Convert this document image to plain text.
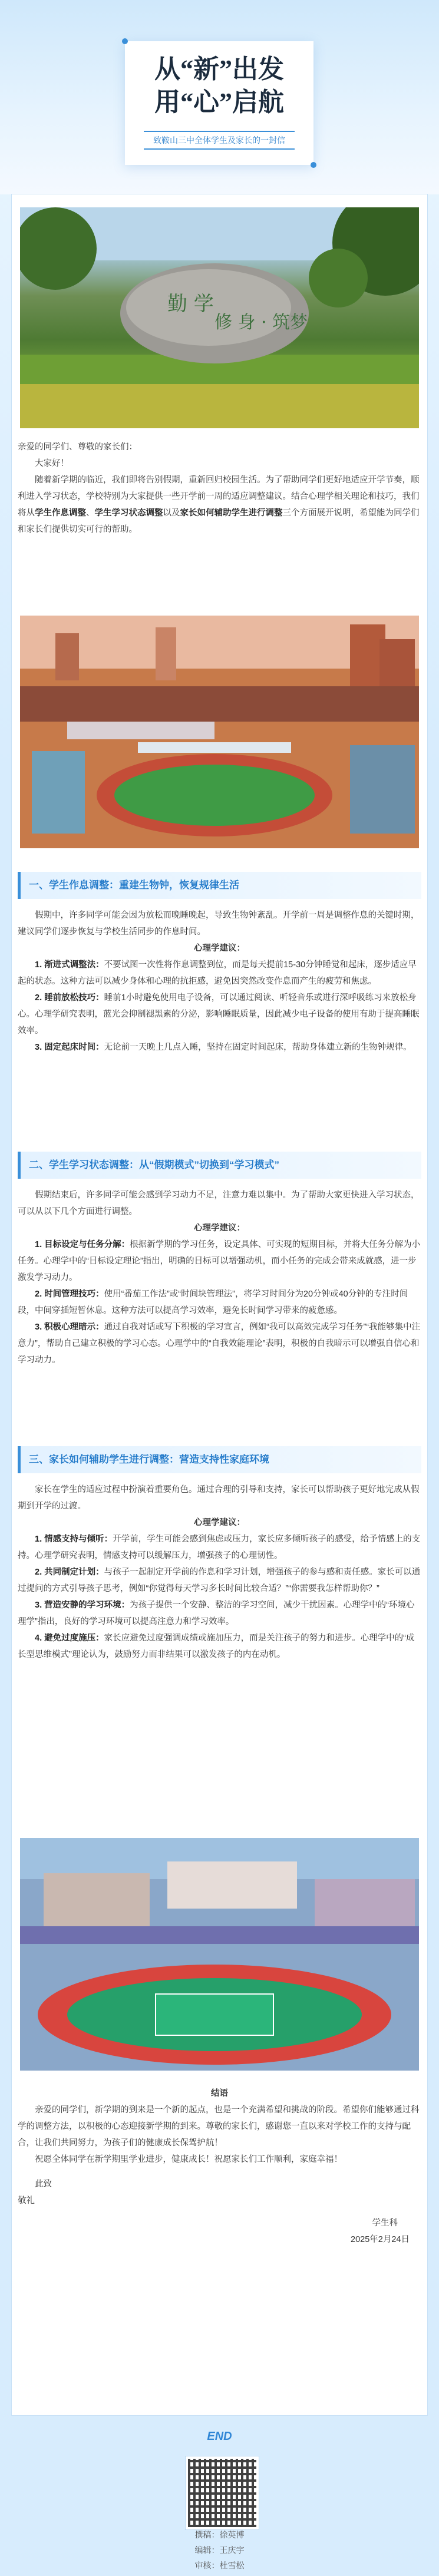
从“新”出发
用“心”启航
致鞍山三中全体学生及家长的一封信
勤 学
修 身 · 筑梦

亲爱的同学们、尊敬的家长们：

大家好！

随着新学期的临近，我们即将告别假期，重新回归校园生活。为了帮助同学们更好地适应开学节奏，顺利进入学习状态，学校特别为大家提供一些开学前一周的适应调整建议。结合心理学相关理论和技巧，我们将从学生作息调整、学生学习状态调整以及家长如何辅助学生进行调整三个方面展开说明，希望能为同学们和家长们提供切实可行的帮助。

一、学生作息调整：重建生物钟，恢复规律生活

假期中，许多同学可能会因为放松而晚睡晚起，导致生物钟紊乱。开学前一周是调整作息的关键时期，建议同学们逐步恢复与学校生活同步的作息时间。

心理学建议：

1. 渐进式调整法：不要试图一次性将作息调整到位，而是每天提前15-30分钟睡觉和起床，逐步适应早起的状态。这种方法可以减少身体和心理的抗拒感，避免因突然改变作息而产生的疲劳和焦虑。

2. 睡前放松技巧：睡前1小时避免使用电子设备，可以通过阅读、听轻音乐或进行深呼吸练习来放松身心。心理学研究表明，蓝光会抑制褪黑素的分泌，影响睡眠质量，因此减少电子设备的使用有助于提高睡眠效率。

3. 固定起床时间：无论前一天晚上几点入睡，坚持在固定时间起床，帮助身体建立新的生物钟规律。

二、学生学习状态调整：从“假期模式”切换到“学习模式”

假期结束后，许多同学可能会感到学习动力不足，注意力难以集中。为了帮助大家更快进入学习状态，可以从以下几个方面进行调整。

心理学建议：

1. 目标设定与任务分解：根据新学期的学习任务，设定具体、可实现的短期目标，并将大任务分解为小任务。心理学中的“目标设定理论”指出，明确的目标可以增强动机，而小任务的完成会带来成就感，进一步激发学习动力。

2. 时间管理技巧：使用“番茄工作法”或“时间块管理法”，将学习时间分为20分钟或40分钟的专注时间段，中间穿插短暂休息。这种方法可以提高学习效率，避免长时间学习带来的疲惫感。

3. 积极心理暗示：通过自我对话或写下积极的学习宣言，例如“我可以高效完成学习任务”“我能够集中注意力”，帮助自己建立积极的学习心态。心理学中的“自我效能理论”表明，积极的自我暗示可以增强自信心和学习动力。

三、家长如何辅助学生进行调整：营造支持性家庭环境

家长在学生的适应过程中扮演着重要角色。通过合理的引导和支持，家长可以帮助孩子更好地完成从假期到开学的过渡。

心理学建议：

1. 情感支持与倾听：开学前，学生可能会感到焦虑或压力，家长应多倾听孩子的感受，给予情感上的支持。心理学研究表明，情感支持可以缓解压力，增强孩子的心理韧性。

2. 共同制定计划：与孩子一起制定开学前的作息和学习计划，增强孩子的参与感和责任感。家长可以通过提问的方式引导孩子思考，例如“你觉得每天学习多长时间比较合适？”“你需要我怎样帮助你？”

3. 营造安静的学习环境：为孩子提供一个安静、整洁的学习空间，减少干扰因素。心理学中的“环境心理学”指出，良好的学习环境可以提高注意力和学习效率。

4. 避免过度施压：家长应避免过度强调成绩或施加压力，而是关注孩子的努力和进步。心理学中的“成长型思维模式”理论认为，鼓励努力而非结果可以激发孩子的内在动机。

结语

亲爱的同学们，新学期的到来是一个新的起点，也是一个充满希望和挑战的阶段。希望你们能够通过科学的调整方法，以积极的心态迎接新学期的到来。尊敬的家长们，感谢您一直以来对学校工作的支持与配合，让我们共同努力，为孩子们的健康成长保驾护航！

祝愿全体同学在新学期里学业进步，健康成长！祝愿家长们工作顺利，家庭幸福！

此致

敬礼

学生科

2025年2月24日

END
撰稿：徐英博
编辑：王庆宇
审核：杜雪松
